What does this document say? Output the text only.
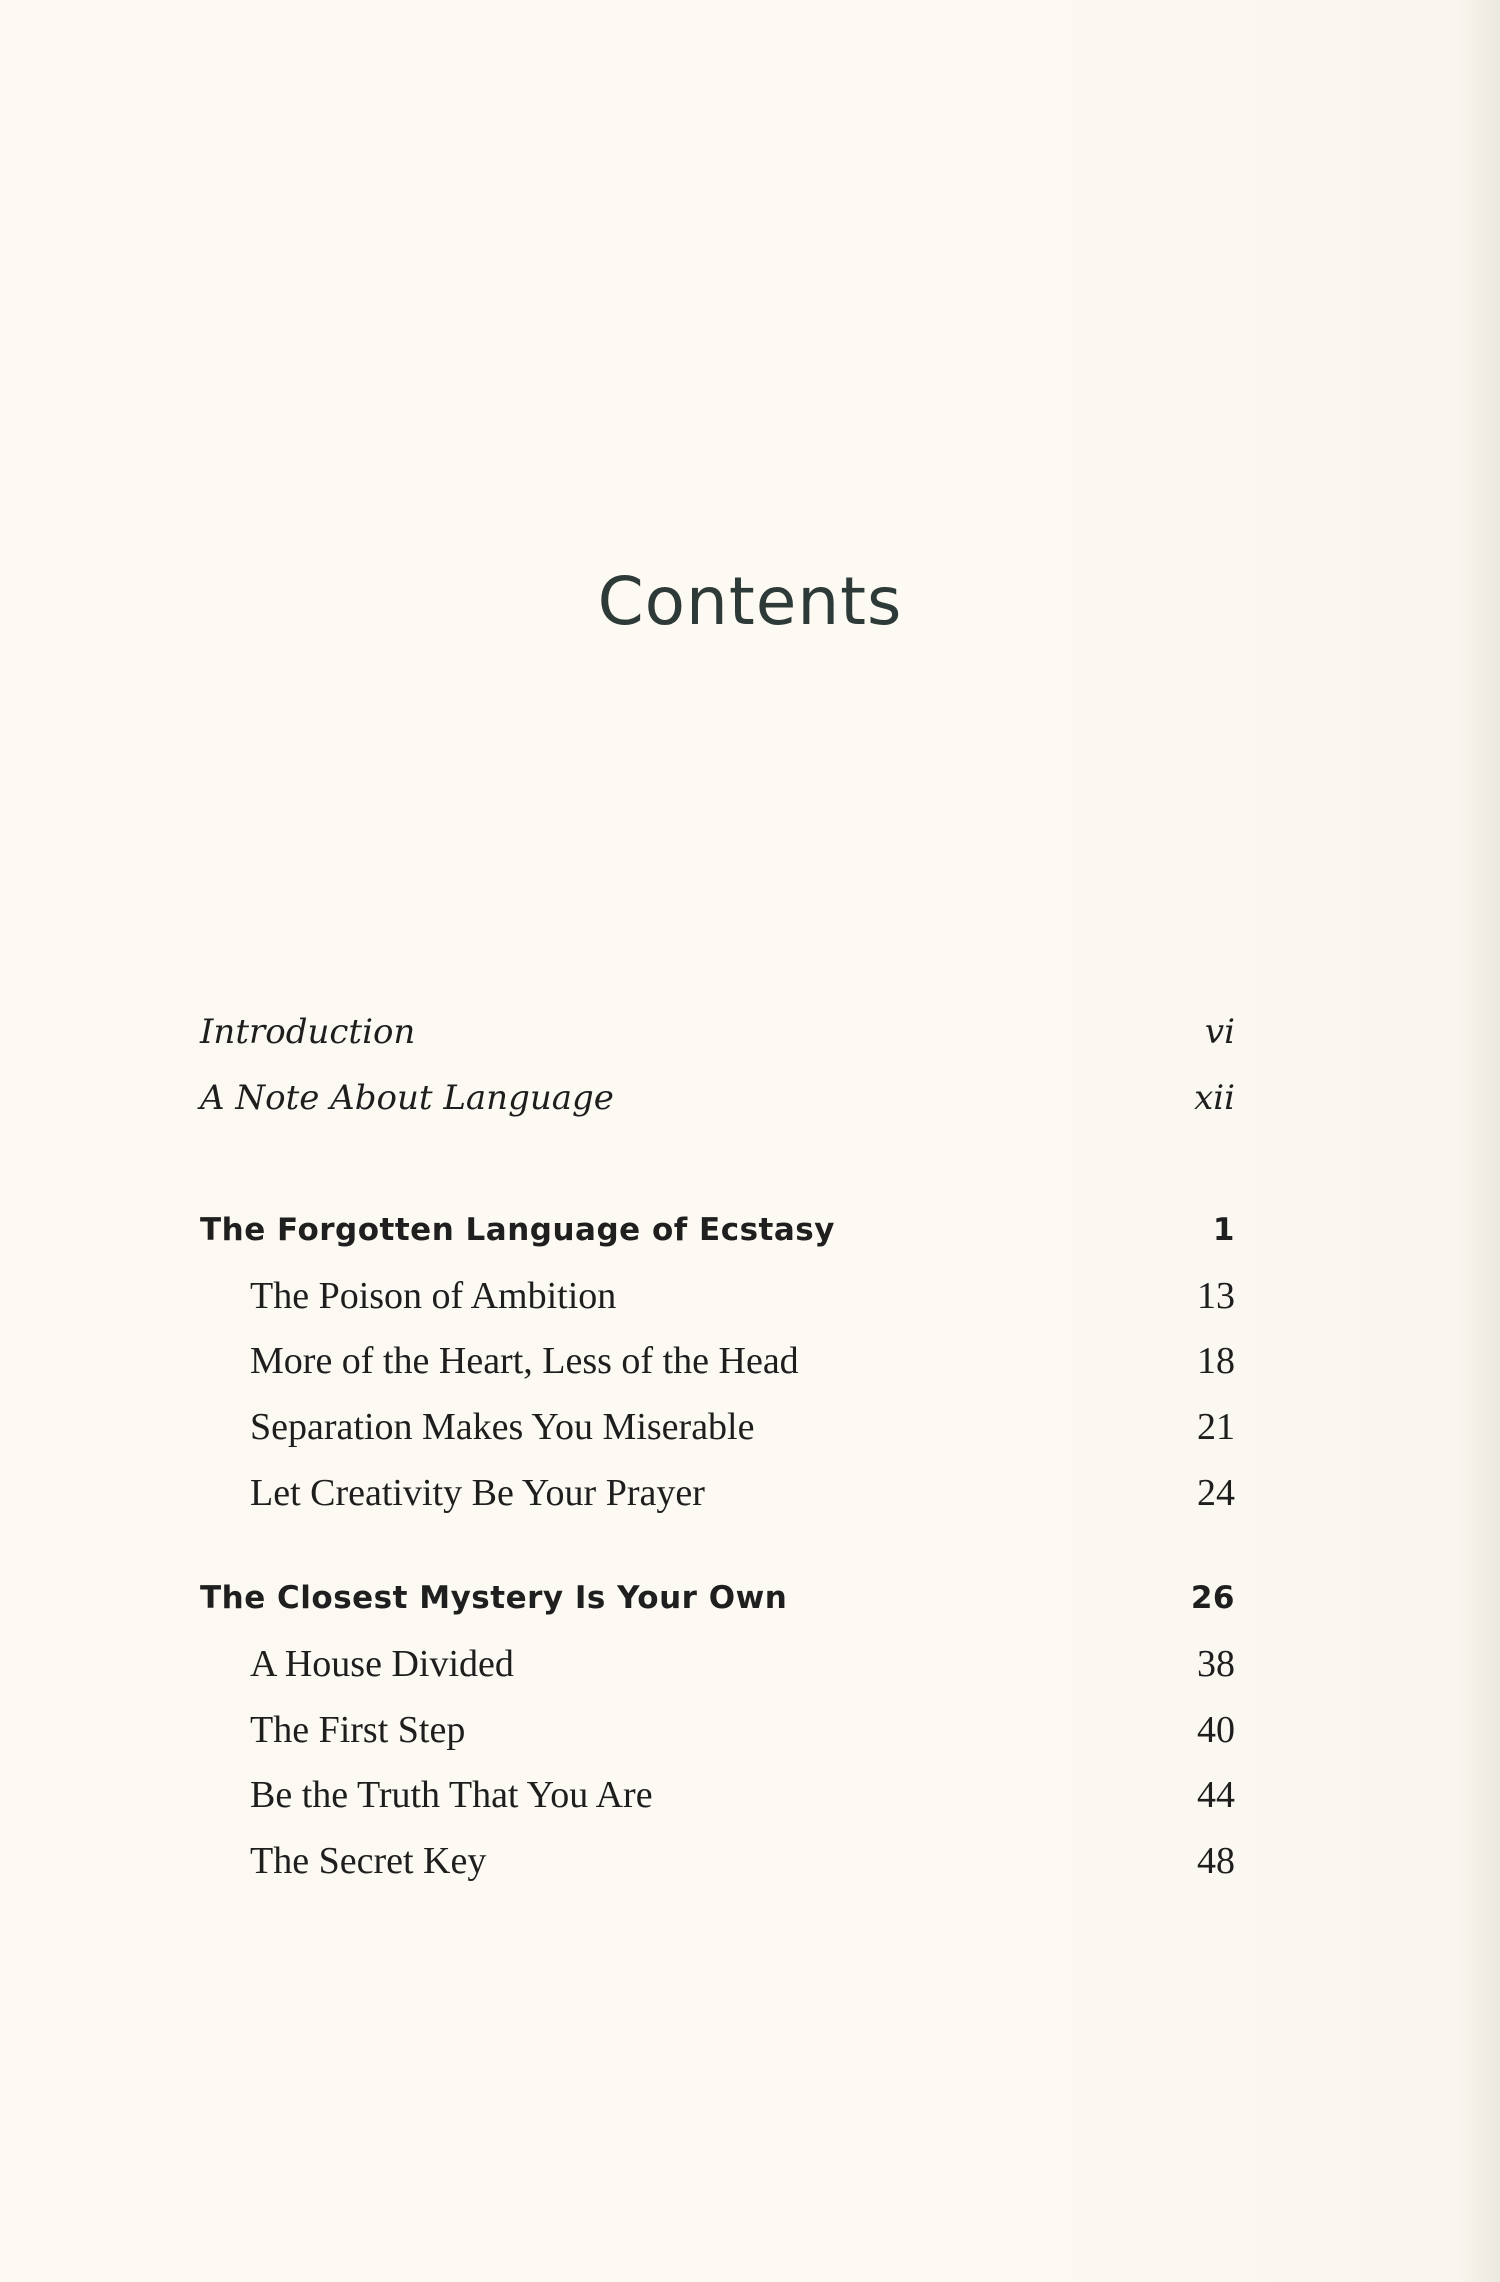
Contents
Introduction	vi
A Note About Language	xii
The Forgotten Language of Ecstasy	1
The Poison of Ambition	13
More of the Heart, Less of the Head	18
Separation Makes You Miserable	21
Let Creativity Be Your Prayer	24
The Closest Mystery Is Your Own	26
A House Divided	38
The First Step	40
Be the Truth That You Are	44
The Secret Key	48
